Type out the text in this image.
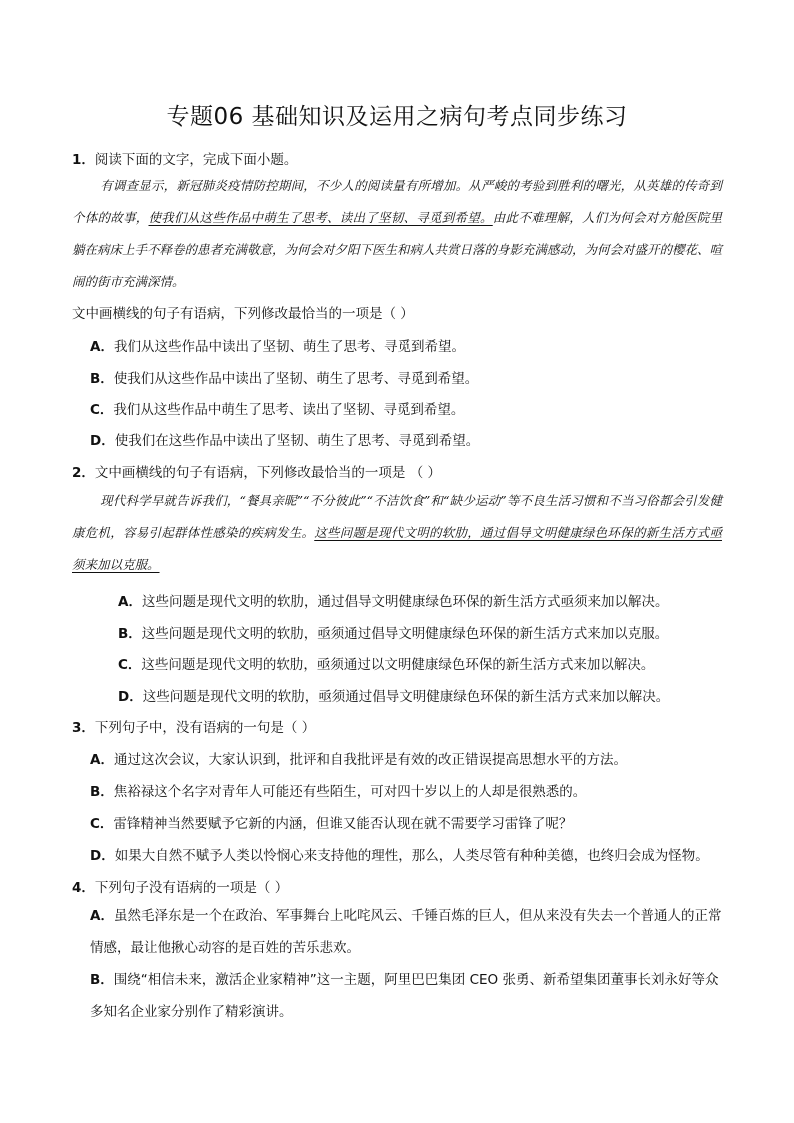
专题06 基础知识及运用之病句考点同步练习
1．阅读下面的文字，完成下面小题。

有调查显示，新冠肺炎疫情防控期间，不少人的阅读量有所增加。从严峻的考验到胜利的曙光，从英雄的传奇到个体的故事，使我们从这些作品中萌生了思考、读出了坚韧、寻觅到希望。由此不难理解，人们为何会对方舱医院里躺在病床上手不释卷的患者充满敬意，为何会对夕阳下医生和病人共赏日落的身影充满感动，为何会对盛开的樱花、喧闹的街市充满深情。

文中画横线的句子有语病，下列修改最恰当的一项是（ ）
A．我们从这些作品中读出了坚韧、萌生了思考、寻觅到希望。
B．使我们从这些作品中读出了坚韧、萌生了思考、寻觅到希望。
C．我们从这些作品中萌生了思考、读出了坚韧、寻觅到希望。
D．使我们在这些作品中读出了坚韧、萌生了思考、寻觅到希望。
2．文中画横线的句子有语病，下列修改最恰当的一项是 （ ）

现代科学早就告诉我们，“餐具亲昵”“不分彼此”“不洁饮食”和“缺少运动”等不良生活习惯和不当习俗都会引发健康危机，容易引起群体性感染的疾病发生。这些问题是现代文明的软肋，通过倡导文明健康绿色环保的新生活方式亟须来加以克服。

A．这些问题是现代文明的软肋，通过倡导文明健康绿色环保的新生活方式亟须来加以解决。
B．这些问题是现代文明的软肋，亟须通过倡导文明健康绿色环保的新生活方式来加以克服。
C．这些问题是现代文明的软肋，亟须通过以文明健康绿色环保的新生活方式来加以解决。
D．这些问题是现代文明的软肋，亟须通过倡导文明健康绿色环保的新生活方式来加以解决。
3．下列句子中，没有语病的一句是（ ）
A．通过这次会议，大家认识到，批评和自我批评是有效的改正错误提高思想水平的方法。
B．焦裕禄这个名字对青年人可能还有些陌生，可对四十岁以上的人却是很熟悉的。
C．雷锋精神当然要赋予它新的内涵，但谁又能否认现在就不需要学习雷锋了呢？
D．如果大自然不赋予人类以怜悯心来支持他的理性，那么，人类尽管有种种美德，也终归会成为怪物。
4．下列句子没有语病的一项是（ ）

A．虽然毛泽东是一个在政治、军事舞台上叱咤风云、千锤百炼的巨人，但从来没有失去一个普通人的正常情感，最让他揪心动容的是百姓的苦乐悲欢。

B．围绕“相信未来，激活企业家精神”这一主题，阿里巴巴集团 CEO 张勇、新希望集团董事长刘永好等众多知名企业家分别作了精彩演讲。
